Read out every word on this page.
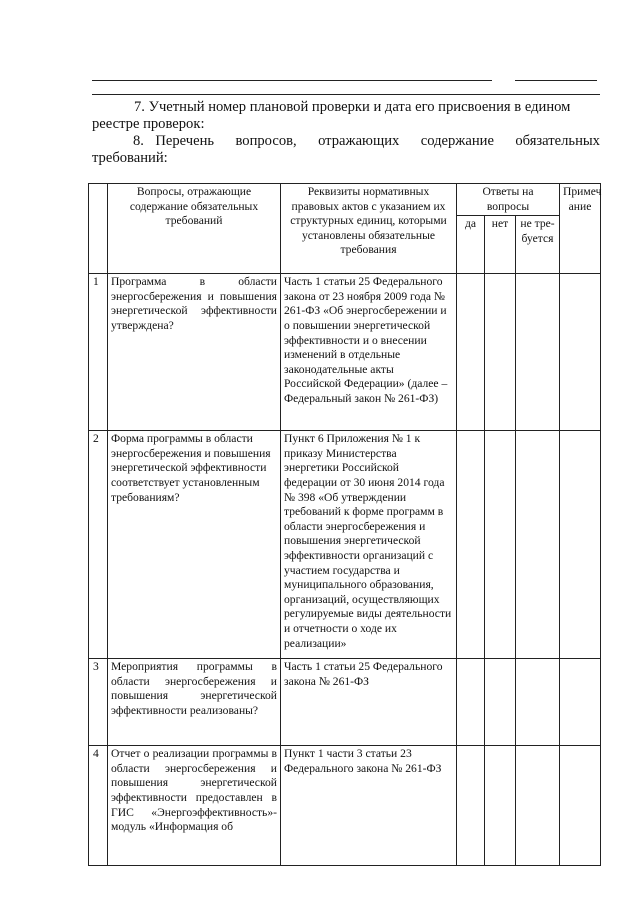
7. Учетный номер плановой проверки и дата его присвоения в едином

реестре проверок:

8. Перечень вопросов, отражающих содержание обязательных

требований:

	Вопросы, отражающие содержание обязательных требований	Реквизиты нормативных правовых актов с указанием их структурных единиц, которыми установлены обязательные требования	Ответы на вопросы			Примеч ание
			да	нет	не тре-буется	
1	Программа в области энергосбережения и повышения энергетической эффективности утверждена?	Часть 1 статьи 25 Федерального закона от 23 ноября 2009 года № 261-ФЗ «Об энергосбережении и о повышении энергетической эффективности и о внесении изменений в отдельные законодательные акты Российской Федерации» (далее – Федеральный закон № 261-ФЗ)				
2	Форма программы в области энергосбережения и повышения энергетической эффективности соответствует установленным требованиям?	Пункт 6 Приложения № 1 к приказу Министерства энергетики Российской федерации от 30 июня 2014 года № 398 «Об утверждении требований к форме программ в области энергосбережения и повышения энергетической эффективности организаций с участием государства и муниципального образования, организаций, осуществляющих регулируемые виды деятельности и отчетности о ходе их реализации»				
3	Мероприятия программы в области энергосбережения и повышения энергетической эффективности реализованы?	Часть 1 статьи 25 Федерального закона № 261-ФЗ				
4	Отчет о реализации программы в области энергосбережения и повышения энергетической эффективности предоставлен в ГИС «Энергоэффективность»-модуль «Информация об	Пункт 1 части 3 статьи 23 Федерального закона № 261-ФЗ				
